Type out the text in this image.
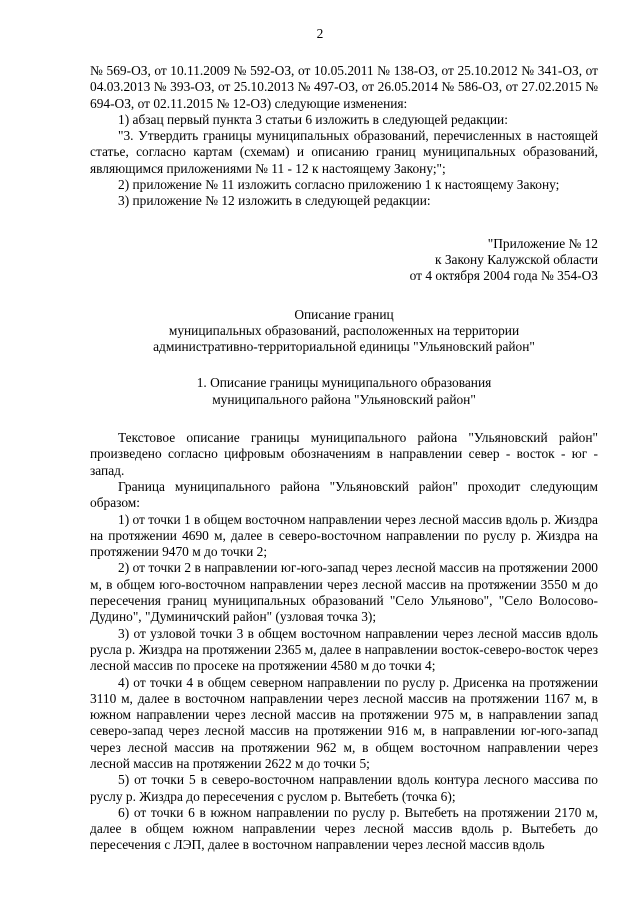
2

№ 569-ОЗ, от 10.11.2009 № 592-ОЗ, от 10.05.2011 № 138-ОЗ, от 25.10.2012 № 341-ОЗ, от 04.03.2013 № 393-ОЗ, от 25.10.2013 № 497-ОЗ, от 26.05.2014 № 586-ОЗ, от 27.02.2015 № 694-ОЗ, от 02.11.2015 № 12-ОЗ) следующие изменения:

1) абзац первый пункта 3 статьи 6 изложить в следующей редакции:

"3. Утвердить границы муниципальных образований, перечисленных в настоящей статье, согласно картам (схемам) и описанию границ муниципальных образований, являющимся приложениями № 11 - 12 к настоящему Закону;";

2) приложение № 11 изложить согласно приложению 1 к настоящему Закону;

3) приложение № 12 изложить в следующей редакции:

"Приложение № 12

к Закону Калужской области

от 4 октября 2004 года № 354-ОЗ

Описание границ

муниципальных образований, расположенных на территории

административно-территориальной единицы "Ульяновский район"

1. Описание границы муниципального образования

муниципального района "Ульяновский район"

Текстовое описание границы муниципального района "Ульяновский район" произведено согласно цифровым обозначениям в направлении север - восток - юг - запад.

Граница муниципального района "Ульяновский район" проходит следующим образом:

1) от точки 1 в общем восточном направлении через лесной массив вдоль р. Жиздра на протяжении 4690 м, далее в северо-восточном направлении по руслу р. Жиздра на протяжении 9470 м до точки 2;

2) от точки 2 в направлении юг-юго-запад через лесной массив на протяжении 2000 м, в общем юго-восточном направлении через лесной массив на протяжении 3550 м до пересечения границ муниципальных образований "Село Ульяново", "Село Волосово-Дудино", "Думиничский район" (узловая точка 3);

3) от узловой точки 3 в общем восточном направлении через лесной массив вдоль русла р. Жиздра на протяжении 2365 м, далее в направлении восток-северо-восток через лесной массив по просеке на протяжении 4580 м до точки 4;

4) от точки 4 в общем северном направлении по руслу р. Дрисенка на протяжении 3110 м, далее в восточном направлении через лесной массив на протяжении 1167 м, в южном направлении через лесной массив на протяжении 975 м, в направлении запад северо-запад через лесной массив на протяжении 916 м, в направлении юг-юго-запад через лесной массив на протяжении 962 м, в общем восточном направлении через лесной массив на протяжении 2622 м до точки 5;

5) от точки 5 в северо-восточном направлении вдоль контура лесного массива по руслу р. Жиздра до пересечения с руслом р. Вытебеть (точка 6);

6) от точки 6 в южном направлении по руслу р. Вытебеть на протяжении 2170 м, далее в общем южном направлении через лесной массив вдоль р. Вытебеть до пересечения с ЛЭП, далее в восточном направлении через лесной массив вдоль
